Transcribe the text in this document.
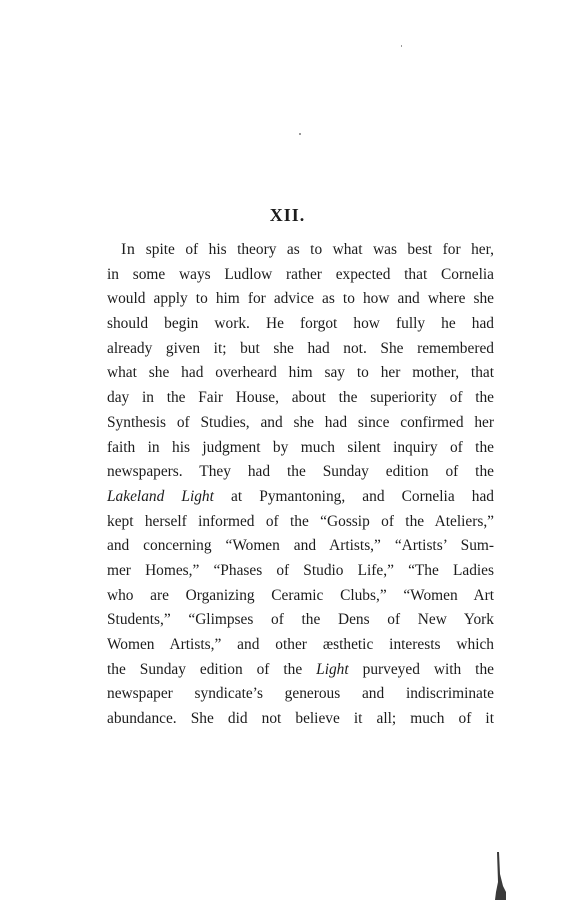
XII.
In spite of his theory as to what was best for her,
in some ways Ludlow rather expected that Cornelia
would apply to him for advice as to how and where she
should begin work. He forgot how fully he had
already given it; but she had not. She remembered
what she had overheard him say to her mother, that
day in the Fair House, about the superiority of the
Synthesis of Studies, and she had since confirmed her
faith in his judgment by much silent inquiry of the
newspapers. They had the Sunday edition of the
Lakeland Light at Pymantoning, and Cornelia had
kept herself informed of the “Gossip of the Ateliers,”
and concerning “Women and Artists,” “Artists’ Sum-
mer Homes,” “Phases of Studio Life,” “The Ladies
who are Organizing Ceramic Clubs,” “Women Art
Students,” “Glimpses of the Dens of New York
Women Artists,” and other æsthetic interests which
the Sunday edition of the Light purveyed with the
newspaper syndicate’s generous and indiscriminate
abundance. She did not believe it all; much of it
